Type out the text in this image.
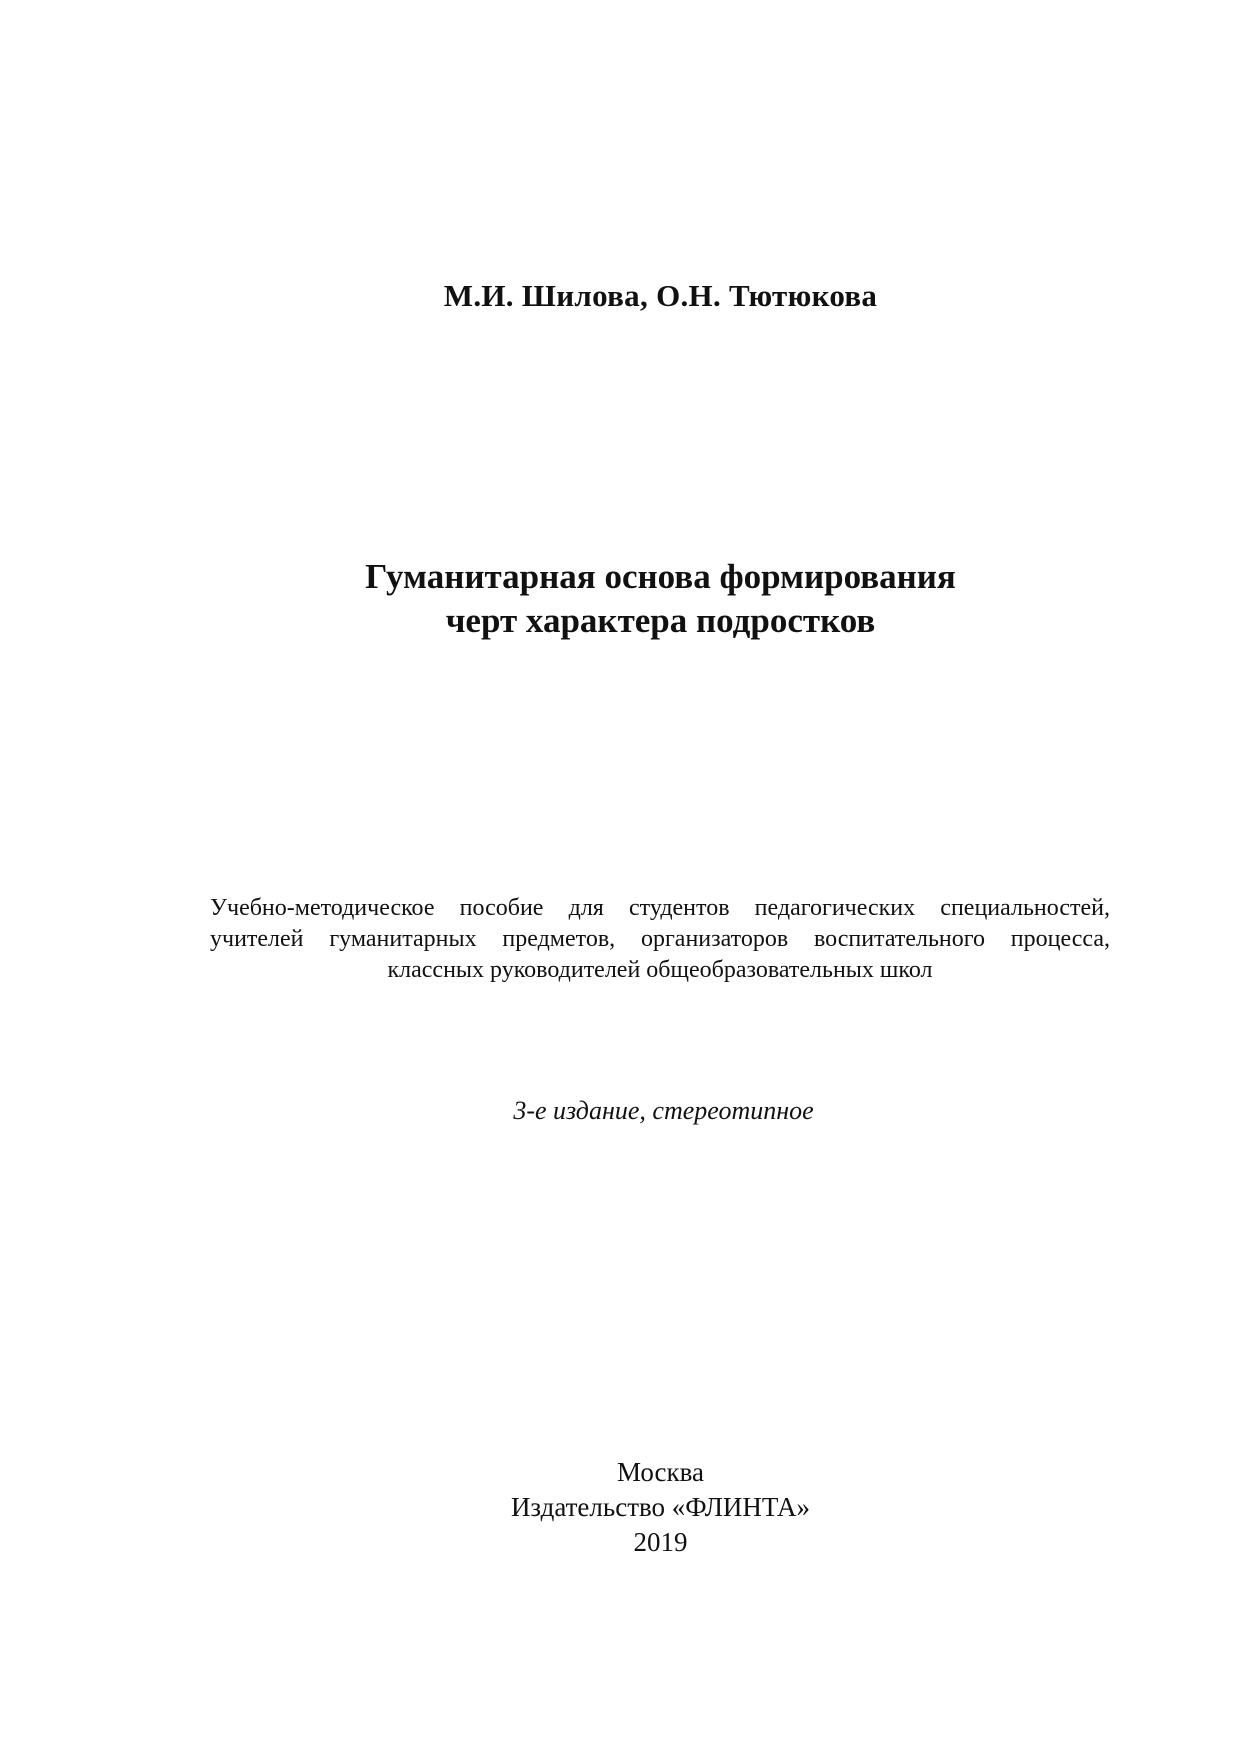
М.И. Шилова, О.Н. Тютюкова
Гуманитарная основа формирования
черт характера подростков
Учебно-методическое пособие для студентов педагогических специальностей,
учителей гуманитарных предметов, организаторов воспитательного процесса,
классных руководителей общеобразовательных школ
3-е издание, стереотипное
Москва
Издательство «ФЛИНТА»
2019
